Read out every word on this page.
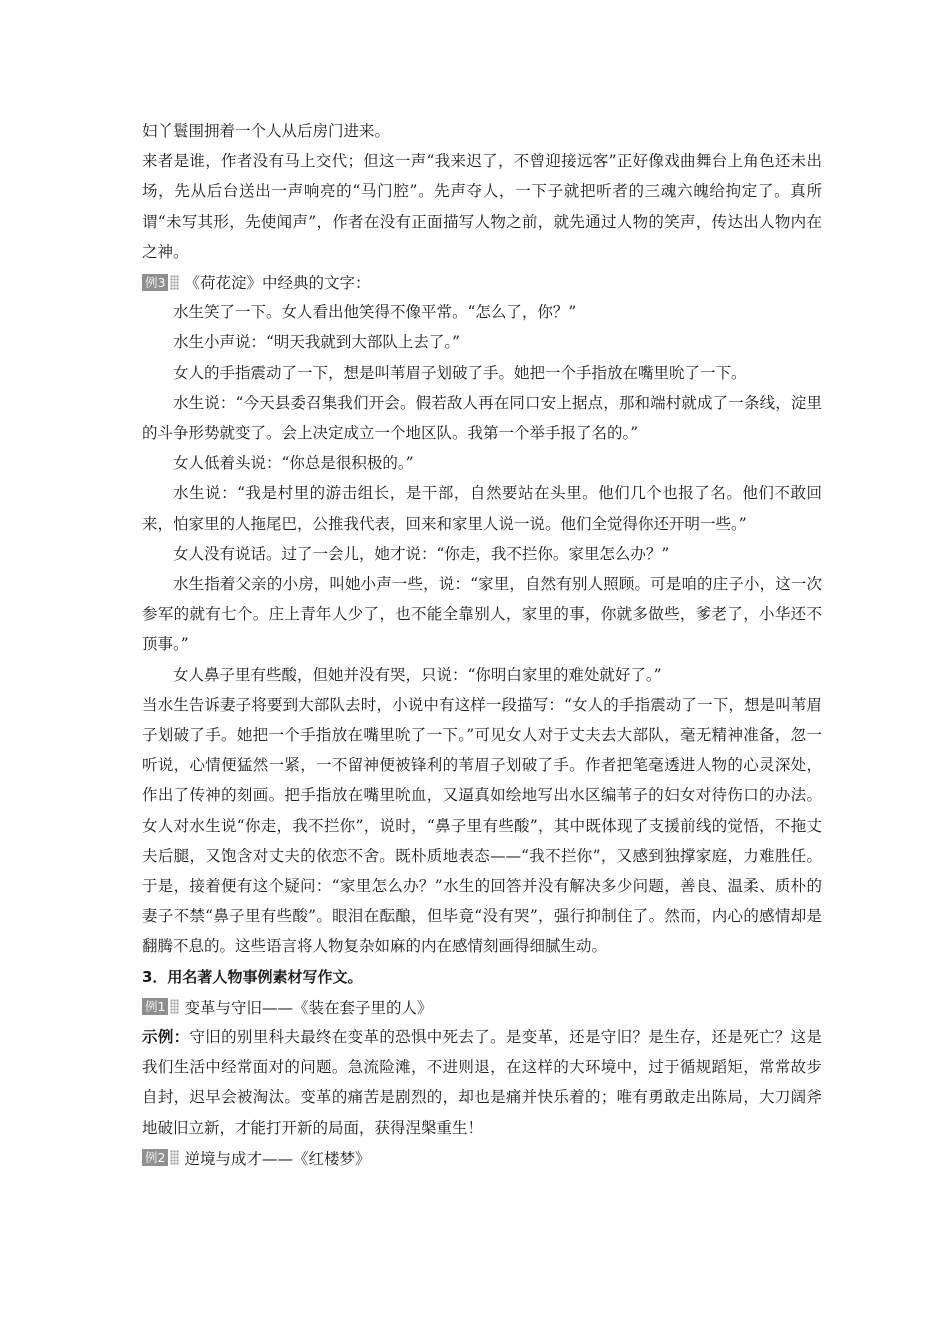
妇丫鬟围拥着一个人从后房门进来。

来者是谁，作者没有马上交代；但这一声“我来迟了，不曾迎接远客”正好像戏曲舞台上角色还未出场，先从后台送出一声响亮的“马门腔”。先声夺人，一下子就把听者的三魂六魄给拘定了。真所谓“未写其形，先使闻声”，作者在没有正面描写人物之前，就先通过人物的笑声，传达出人物内在之神。

例3 《荷花淀》中经典的文字：

水生笑了一下。女人看出他笑得不像平常。“怎么了，你？”

水生小声说：“明天我就到大部队上去了。”

女人的手指震动了一下，想是叫苇眉子划破了手。她把一个手指放在嘴里吮了一下。

水生说：“今天县委召集我们开会。假若敌人再在同口安上据点，那和端村就成了一条线，淀里的斗争形势就变了。会上决定成立一个地区队。我第一个举手报了名的。”

女人低着头说：“你总是很积极的。”

水生说：“我是村里的游击组长，是干部，自然要站在头里。他们几个也报了名。他们不敢回来，怕家里的人拖尾巴，公推我代表，回来和家里人说一说。他们全觉得你还开明一些。”

女人没有说话。过了一会儿，她才说：“你走，我不拦你。家里怎么办？”

水生指着父亲的小房，叫她小声一些，说：“家里，自然有别人照顾。可是咱的庄子小，这一次参军的就有七个。庄上青年人少了，也不能全靠别人，家里的事，你就多做些，爹老了，小华还不顶事。”

女人鼻子里有些酸，但她并没有哭，只说：“你明白家里的难处就好了。”

当水生告诉妻子将要到大部队去时，小说中有这样一段描写：“女人的手指震动了一下，想是叫苇眉子划破了手。她把一个手指放在嘴里吮了一下。”可见女人对于丈夫去大部队，毫无精神准备，忽一听说，心情便猛然一紧，一不留神便被锋利的苇眉子划破了手。作者把笔毫透进人物的心灵深处，作出了传神的刻画。把手指放在嘴里吮血，又逼真如绘地写出水区编苇子的妇女对待伤口的办法。女人对水生说“你走，我不拦你”，说时，“鼻子里有些酸”，其中既体现了支援前线的觉悟，不拖丈夫后腿，又饱含对丈夫的依恋不舍。既朴质地表态——“我不拦你”，又感到独撑家庭，力难胜任。于是，接着便有这个疑问：“家里怎么办？”水生的回答并没有解决多少问题，善良、温柔、质朴的妻子不禁“鼻子里有些酸”。眼泪在酝酿，但毕竟“没有哭”，强行抑制住了。然而，内心的感情却是翻腾不息的。这些语言将人物复杂如麻的内在感情刻画得细腻生动。

3．用名著人物事例素材写作文。

例1 变革与守旧——《装在套子里的人》

示例：守旧的别里科夫最终在变革的恐惧中死去了。是变革，还是守旧？是生存，还是死亡？这是我们生活中经常面对的问题。急流险滩，不进则退，在这样的大环境中，过于循规蹈矩，常常故步自封，迟早会被淘汰。变革的痛苦是剧烈的，却也是痛并快乐着的；唯有勇敢走出陈局，大刀阔斧地破旧立新，才能打开新的局面，获得涅槃重生！

例2 逆境与成才——《红楼梦》
